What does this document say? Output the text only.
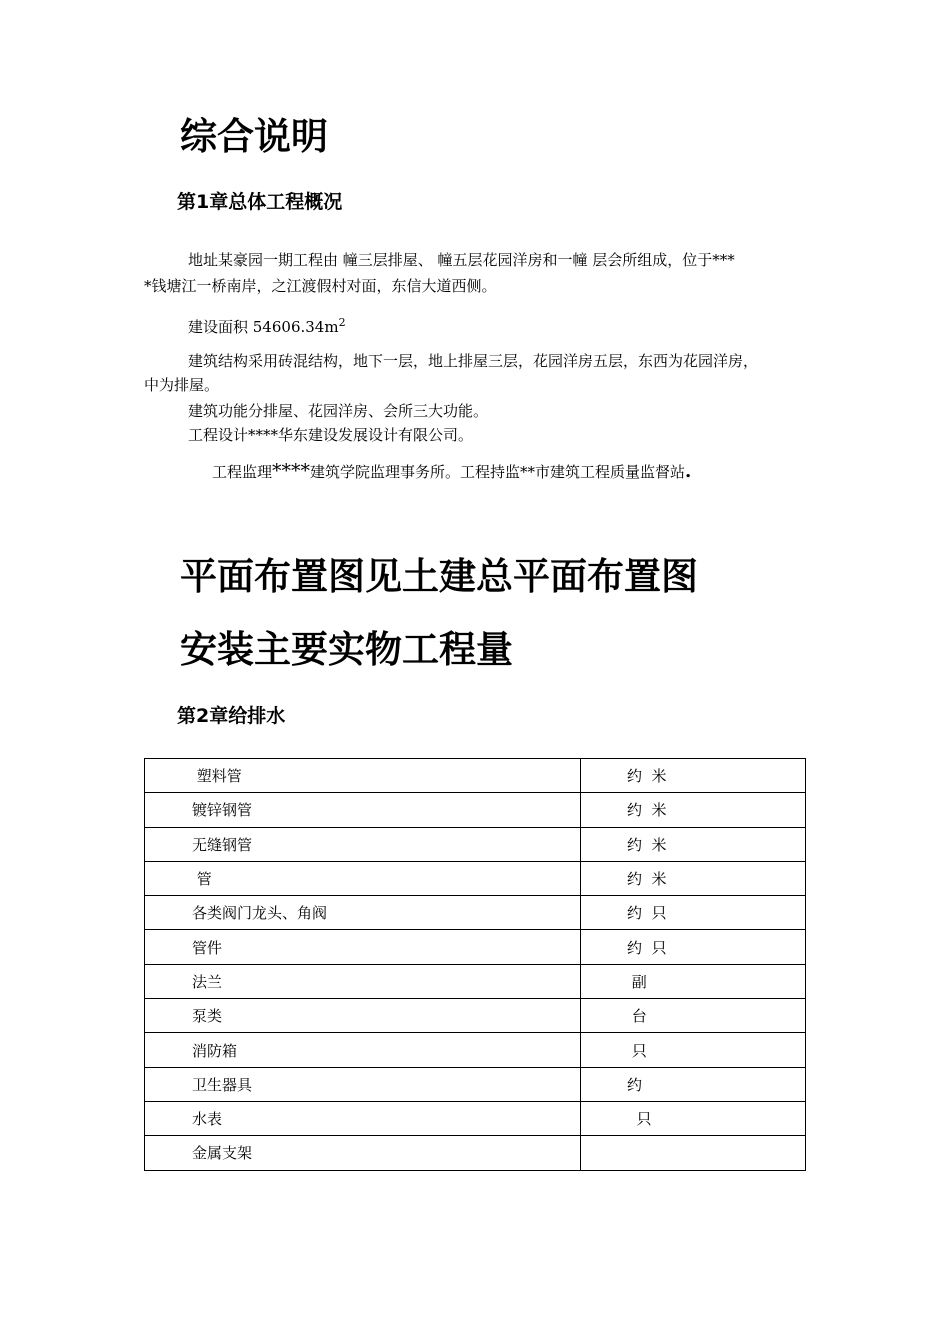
综合说明
第1章总体工程概况
地址某豪园一期工程由 幢三层排屋、 幢五层花园洋房和一幢 层会所组成，位于***
*钱塘江一桥南岸，之江渡假村对面，东信大道西侧。
建设面积 $54606.34m^2$
建筑结构采用砖混结构，地下一层，地上排屋三层，花园洋房五层，东西为花园洋房，
中为排屋。
建筑功能分排屋、花园洋房、会所三大功能。
工程设计****华东建设发展设计有限公司。
工程监理****建筑学院监理事务所。工程持监**市建筑工程质量监督站.
平面布置图见土建总平面布置图
安装主要实物工程量
第2章给排水
塑料管	约  米
镀锌钢管	约  米
无缝钢管	约  米
管	约  米
各类阀门龙头、角阀	约  只
管件	约  只
法兰	副
泵类	台
消防箱	只
卫生器具	约
水表	只
金属支架	
